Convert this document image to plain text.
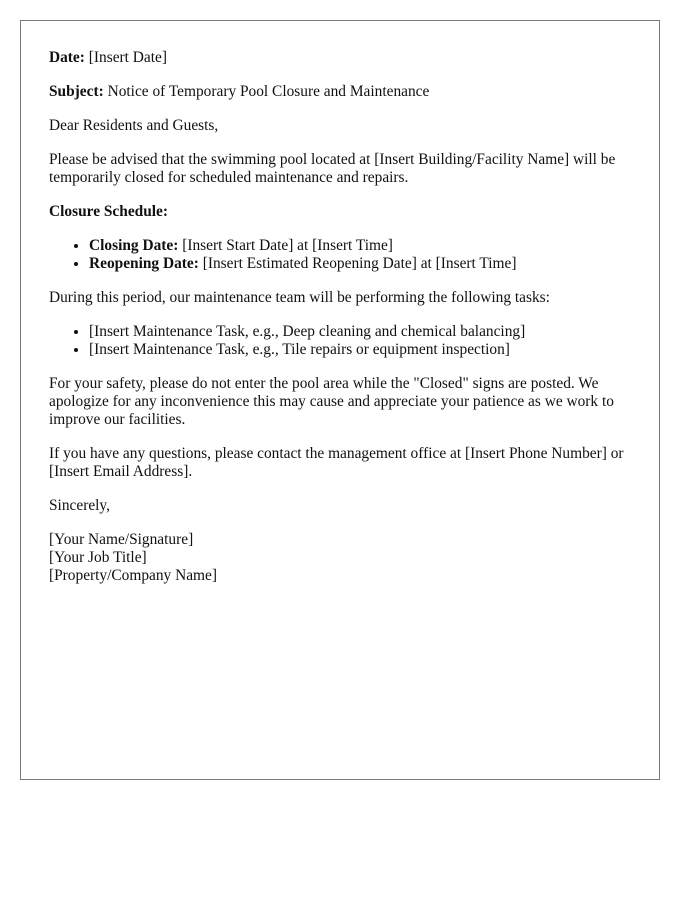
Date: [Insert Date]

Subject: Notice of Temporary Pool Closure and Maintenance

Dear Residents and Guests,

Please be advised that the swimming pool located at [Insert Building/Facility Name] will be temporarily closed for scheduled maintenance and repairs.

Closure Schedule:

• Closing Date: [Insert Start Date] at [Insert Time]
• Reopening Date: [Insert Estimated Reopening Date] at [Insert Time]

During this period, our maintenance team will be performing the following tasks:

• [Insert Maintenance Task, e.g., Deep cleaning and chemical balancing]
• [Insert Maintenance Task, e.g., Tile repairs or equipment inspection]

For your safety, please do not enter the pool area while the "Closed" signs are posted. We apologize for any inconvenience this may cause and appreciate your patience as we work to improve our facilities.

If you have any questions, please contact the management office at [Insert Phone Number] or [Insert Email Address].

Sincerely,

[Your Name/Signature]
[Your Job Title]
[Property/Company Name]
